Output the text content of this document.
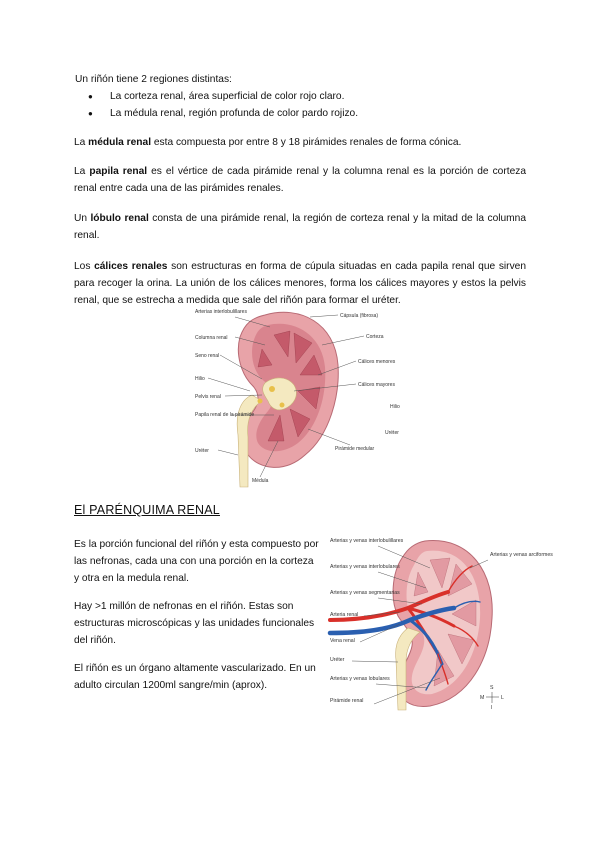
Un riñón tiene 2 regiones distintas:
● La corteza renal, área superficial de color rojo claro.
● La médula renal, región profunda de color pardo rojizo.
La médula renal esta compuesta por entre 8 y 18 pirámides renales de forma cónica.
La papila renal es el vértice de cada pirámide renal y la columna renal es la porción de corteza renal entre cada una de las pirámides renales.
Un lóbulo renal consta de una pirámide renal, la región de corteza renal y la mitad de la columna renal.
Los cálices renales son estructuras en forma de cúpula situadas en cada papila renal que sirven para recoger la orina. La unión de los cálices menores, forma los cálices mayores y estos la pelvis renal, que se estrecha a medida que sale del riñón para formar el uréter.
Arterias interlobulillares
Columna renal
Seno renal
Hilio
Pelvis renal
Papila renal de la pirámide
Uréter
Cápsula (fibrosa)
Corteza
Cálices menores
Cálices mayores
Hilio
Uréter
Pirámide medular
Médula
El PARÉNQUIMA RENAL
Es la porción funcional del riñón y esta compuesto por las nefronas, cada una con una porción en la corteza y otra en la medula renal.
Hay >1 millón de nefronas en el riñón. Estas son estructuras microscópicas y las unidades funcionales del riñón.
El riñón es un órgano altamente vascularizado. En un adulto circulan 1200ml sangre/min (aprox).
Arterias y venas interlobulillares
Arterias y venas interlobulares
Arterias y venas segmentarias
Arteria renal
Vena renal
Uréter
Arterias y venas lobulares
Pirámide renal
Arterias y venas arciformes
S
M	L
I
